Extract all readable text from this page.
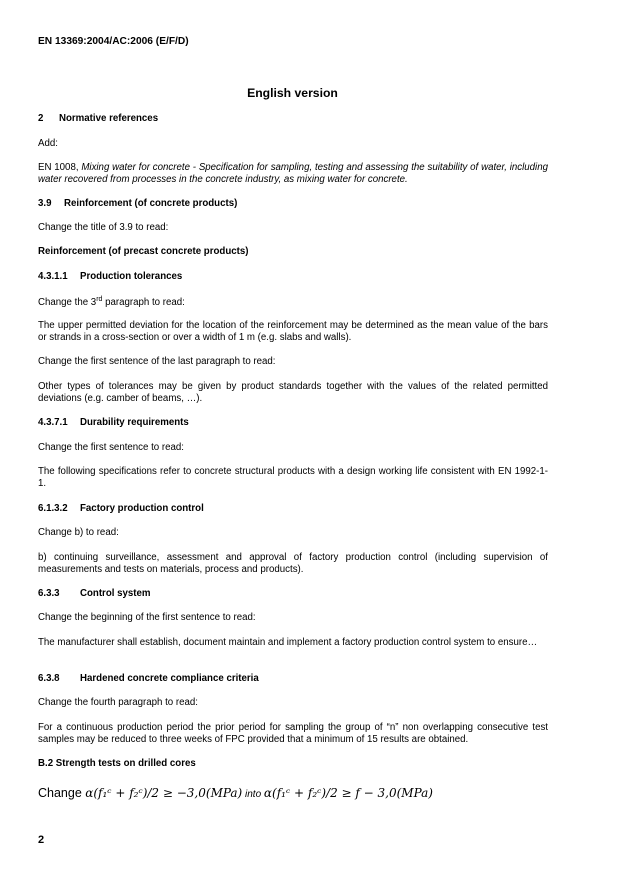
EN 13369:2004/AC:2006 (E/F/D)
English version
2 Normative references
Add:
EN 1008, Mixing water for concrete - Specification for sampling, testing and assessing the suitability of water, including water recovered from processes in the concrete industry, as mixing water for concrete.
3.9 Reinforcement (of concrete products)
Change the title of 3.9 to read:
Reinforcement (of precast concrete products)
4.3.1.1 Production tolerances
Change the 3rd paragraph to read:
The upper permitted deviation for the location of the reinforcement may be determined as the mean value of the bars or strands in a cross-section or over a width of 1 m (e.g. slabs and walls).
Change the first sentence of the last paragraph to read:
Other types of tolerances may be given by product standards together with the values of the related permitted deviations (e.g. camber of beams, …).
4.3.7.1 Durability requirements
Change the first sentence to read:
The following specifications refer to concrete structural products with a design working life consistent with EN 1992-1-1.
6.1.3.2 Factory production control
Change b) to read:
b) continuing surveillance, assessment and approval of factory production control (including supervision of measurements and tests on materials, process and products).
6.3.3 Control system
Change the beginning of the first sentence to read:
The manufacturer shall establish, document maintain and implement a factory production control system to ensure…
6.3.8 Hardened concrete compliance criteria
Change the fourth paragraph to read:
For a continuous production period the prior period for sampling the group of “n” non overlapping consecutive test samples may be reduced to three weeks of FPC provided that a minimum of 15 results are obtained.
B.2 Strength tests on drilled cores
Change α(f₁ᶜ + f₂ᶜ)/2 ≥ −3,0(MPa) into α(f₁ᶜ + f₂ᶜ)/2 ≥ f − 3,0(MPa)
2
